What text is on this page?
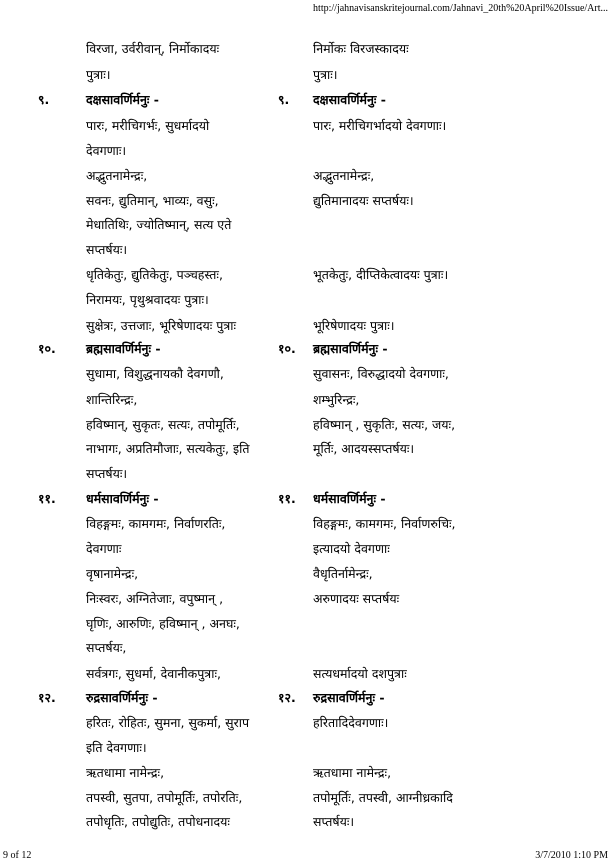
http://jahnavisanskritejournal.com/Jahnavi_20th%20April%20Issue/Art...
विरजा, उर्वरीवान्, निर्मोकादयः
पुत्राः।
९.	दक्षसावर्णिर्मनुः -
पारः, मरीचिगर्भः, सुधर्मादयो
देवगणाः।
अद्भुतनामेन्द्रः,
सवनः, द्युतिमान्, भाव्यः, वसुः,
मेधातिथिः, ज्योतिष्मान्, सत्य एते
सप्तर्षयः।
धृतिकेतुः, द्युतिकेतुः, पञ्चहस्तः,
निरामयः, पृथुश्रवादयः पुत्राः।
सुक्षेत्रः, उत्तजाः, भूरिषेणादयः पुत्राः
१०. ब्रह्मसावर्णिर्मनुः -
सुधामा, विशुद्धनायकौ देवगणौ,
शान्तिरिन्द्रः,
हविष्मान्, सुकृतः, सत्यः, तपोमूर्तिः,
नाभागः, अप्रतिमौजाः, सत्यकेतुः, इति
सप्तर्षयः।
११. धर्मसावर्णिर्मनुः -
विहङ्गमः, कामगमः, निर्वाणरतिः,
देवगणाः
वृषानामेन्द्रः,
निःस्वरः, अग्नितेजाः, वपुष्मान् ,
घृणिः, आरुणिः, हविष्मान् , अनघः,
सप्तर्षयः,
सर्वत्रगः, सुधर्मा, देवानीकपुत्राः,
१२. रुद्रसावर्णिर्मनुः -
हरितः, रोहितः, सुमना, सुकर्मा, सुराप
इति देवगणाः।
ऋतधामा नामेन्द्रः,
तपस्वी, सुतपा, तपोमूर्तिः, तपोरतिः,
तपोधृतिः, तपोद्युतिः, तपोधनादयः
निर्मोकः विरजस्कादयः
पुत्राः।
९. दक्षसावर्णिर्मनुः -
पारः, मरीचिगर्भादयो देवगणाः।
अद्भुतनामेन्द्रः,
द्युतिमानादयः सप्तर्षयः।
भूतकेतुः, दीप्तिकेत्वादयः पुत्राः।
भूरिषेणादयः पुत्राः।
१०. ब्रह्मसावर्णिर्मनुः -
सुवासनः, विरुद्धादयो देवगणाः,
शम्भुरिन्द्रः,
हविष्मान् , सुकृतिः, सत्यः, जयः,
मूर्तिः, आदयस्सप्तर्षयः।
११. धर्मसावर्णिर्मनुः -
विहङ्गमः, कामगमः, निर्वाणरुचिः,
इत्यादयो देवगणाः
वैधृतिर्नामेन्द्रः,
अरुणादयः सप्तर्षयः
सत्यधर्मादयो दशपुत्राः
१२. रुद्रसावर्णिर्मनुः -
हरितादिदेवगणाः।
ऋतधामा नामेन्द्रः,
तपोमूर्तिः, तपस्वी, आग्नीध्रकादि
सप्तर्षयः।
9 of 12	3/7/2010 1:10 PM
